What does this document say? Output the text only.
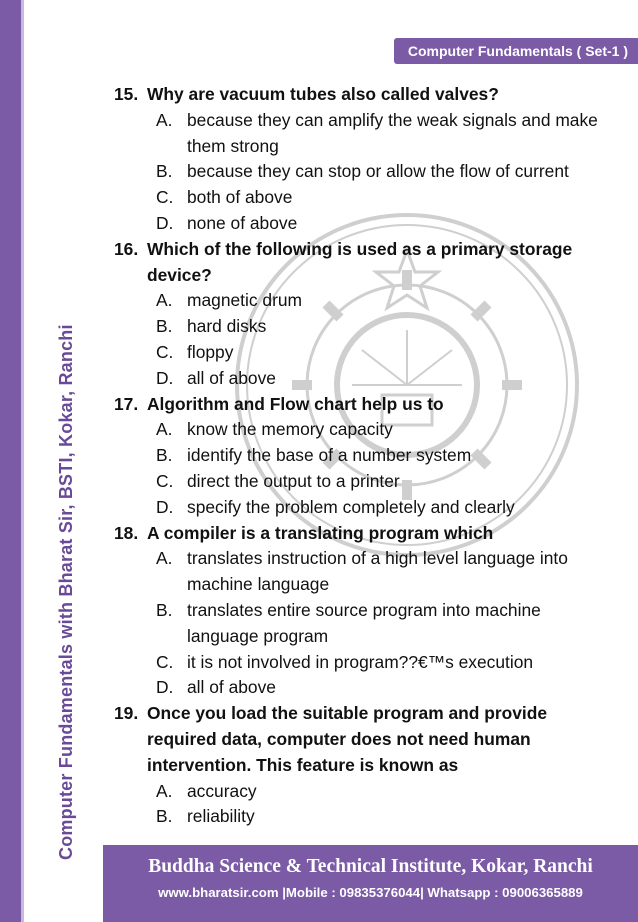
Computer Fundamentals with Bharat Sir, BSTI, Kokar, Ranchi
Computer Fundamentals ( Set-1 )
15. Why are vacuum tubes also called valves?
A. because they can amplify the weak signals and make them strong
B. because they can stop or allow the flow of current
C. both of above
D. none of above
16. Which of the following is used as a primary storage device?
A. magnetic drum
B. hard disks
C. floppy
D. all of above
17. Algorithm and Flow chart help us to
A. know the memory capacity
B. identify the base of a number system
C. direct the output to a printer
D. specify the problem completely and clearly
18. A compiler is a translating program which
A. translates instruction of a high level language into machine language
B. translates entire source program into machine language program
C. it is not involved in program??€™s execution
D. all of above
19. Once you load the suitable program and provide required data, computer does not need human intervention. This feature is known as
A. accuracy
B. reliability
Buddha Science & Technical Institute, Kokar, Ranchi
www.bharatsir.com |Mobile : 09835376044| Whatsapp : 09006365889
